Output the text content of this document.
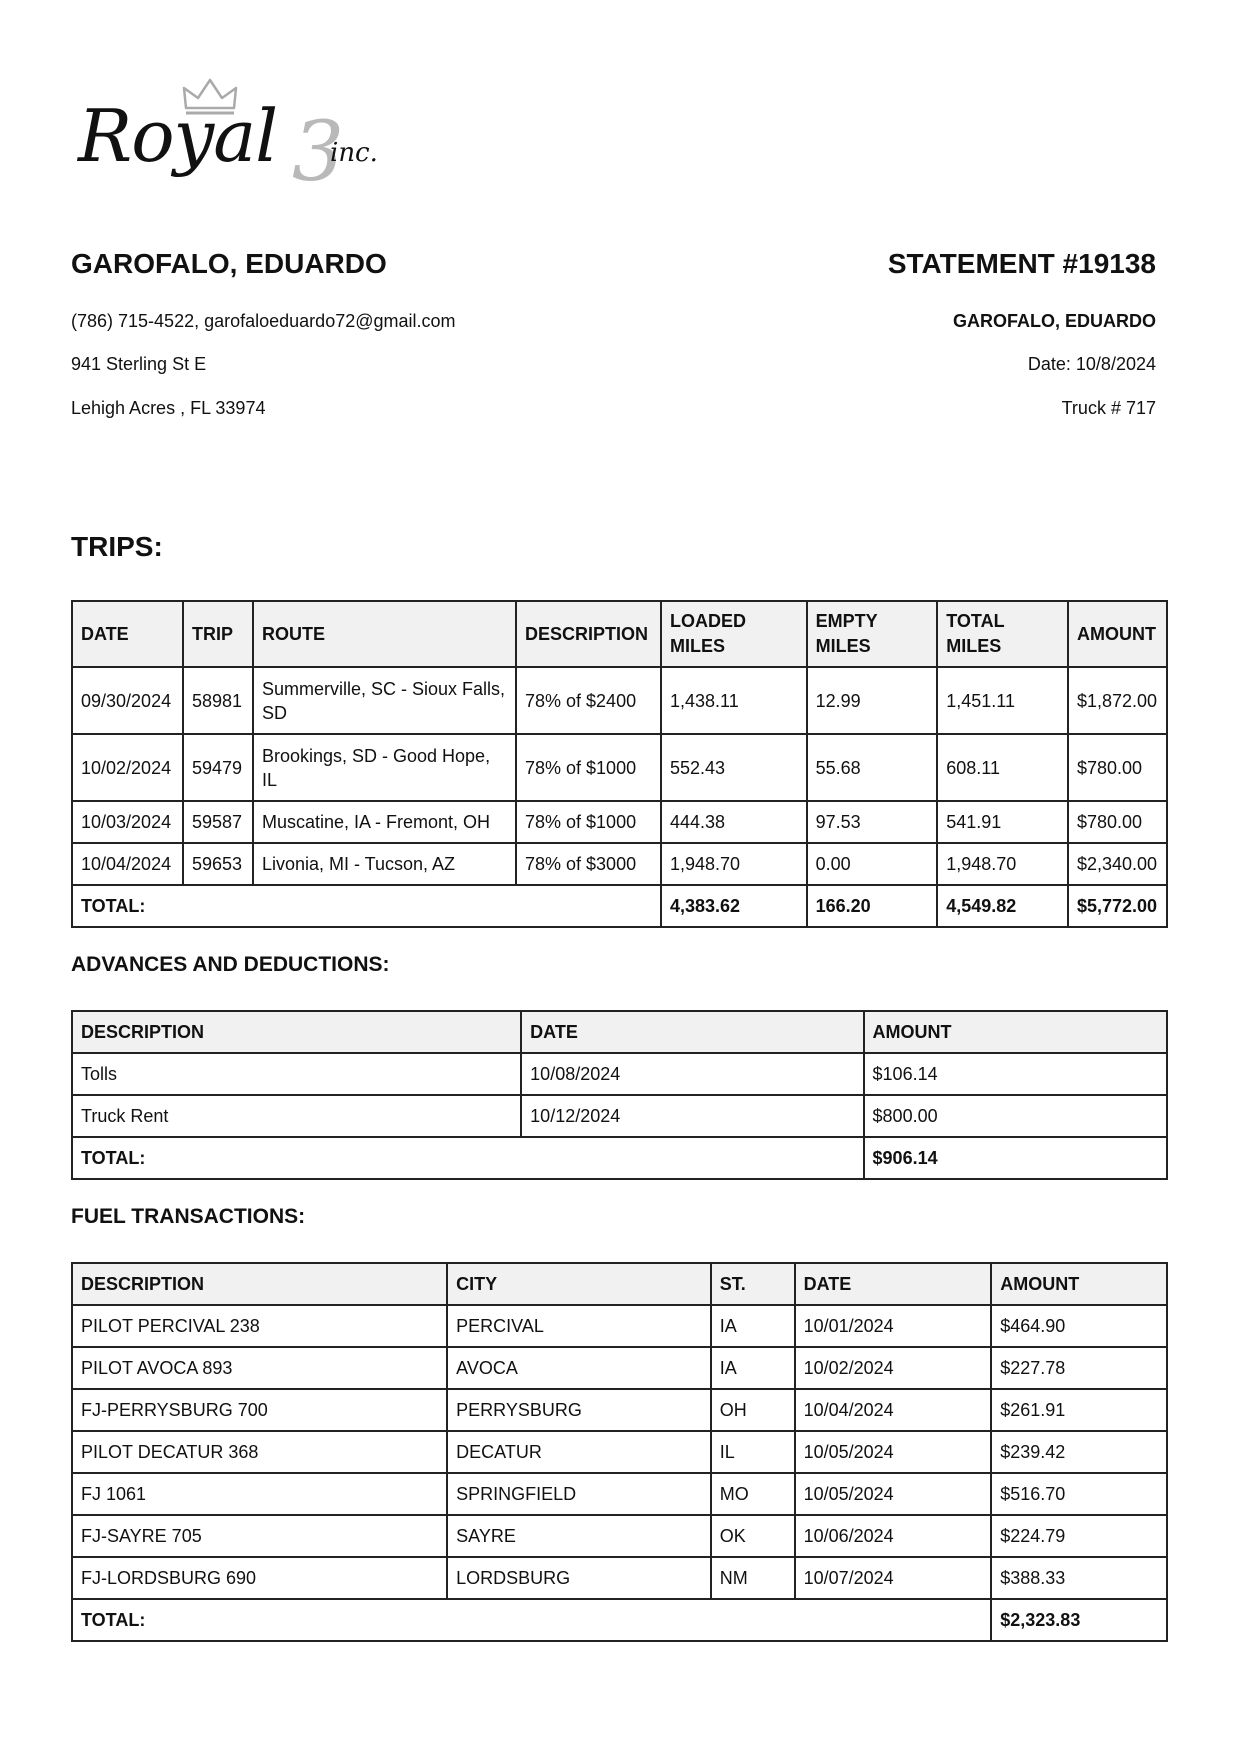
Royal 3
inc.
GAROFALO, EDUARDO
(786) 715-4522, garofaloeduardo72@gmail.com
941 Sterling St E
Lehigh Acres , FL 33974
STATEMENT #19138
GAROFALO, EDUARDO
Date: 10/8/2024
Truck # 717
TRIPS:
DATE	TRIP	ROUTE	DESCRIPTION	LOADED MILES	EMPTY MILES	TOTAL MILES	AMOUNT
09/30/2024	58981	Summerville, SC - Sioux Falls, SD	78% of $2400	1,438.11	12.99	1,451.11	$1,872.00
10/02/2024	59479	Brookings, SD - Good Hope, IL	78% of $1000	552.43	55.68	608.11	$780.00
10/03/2024	59587	Muscatine, IA - Fremont, OH	78% of $1000	444.38	97.53	541.91	$780.00
10/04/2024	59653	Livonia, MI - Tucson, AZ	78% of $3000	1,948.70	0.00	1,948.70	$2,340.00
TOTAL:				4,383.62	166.20	4,549.82	$5,772.00
ADVANCES AND DEDUCTIONS:
DESCRIPTION	DATE	AMOUNT
Tolls	10/08/2024	$106.14
Truck Rent	10/12/2024	$800.00
TOTAL:		$906.14
FUEL TRANSACTIONS:
DESCRIPTION	CITY	ST.	DATE	AMOUNT
PILOT PERCIVAL 238	PERCIVAL	IA	10/01/2024	$464.90
PILOT AVOCA 893	AVOCA	IA	10/02/2024	$227.78
FJ-PERRYSBURG 700	PERRYSBURG	OH	10/04/2024	$261.91
PILOT DECATUR 368	DECATUR	IL	10/05/2024	$239.42
FJ 1061	SPRINGFIELD	MO	10/05/2024	$516.70
FJ-SAYRE 705	SAYRE	OK	10/06/2024	$224.79
FJ-LORDSBURG 690	LORDSBURG	NM	10/07/2024	$388.33
TOTAL:				$2,323.83
